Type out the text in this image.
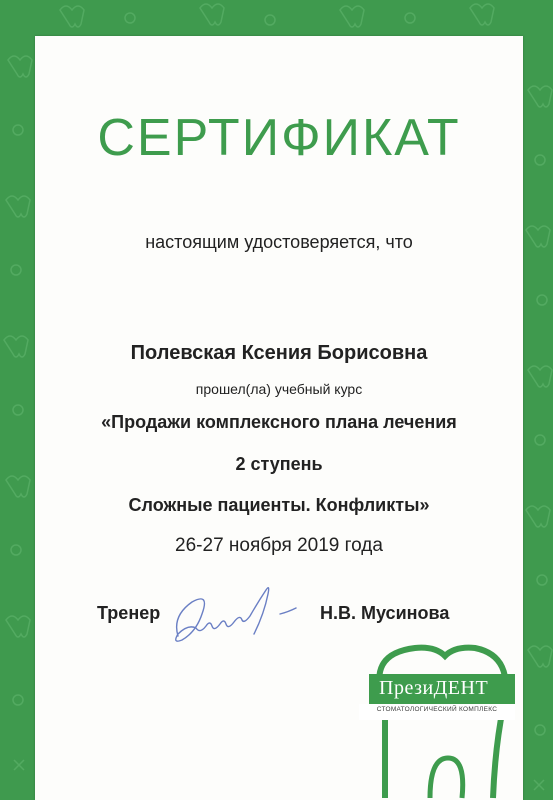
СЕРТИФИКАТ
настоящим удостоверяется, что
Полевская Ксения Борисовна
прошел(ла) учебный курс
«Продажи комплексного плана лечения
2 ступень
Сложные пациенты. Конфликты»
26-27 ноября 2019 года
Тренер	Н.В. Мусинова
ПрезиДЕНТ
СТОМАТОЛОГИЧЕСКИЙ КОМПЛЕКС
